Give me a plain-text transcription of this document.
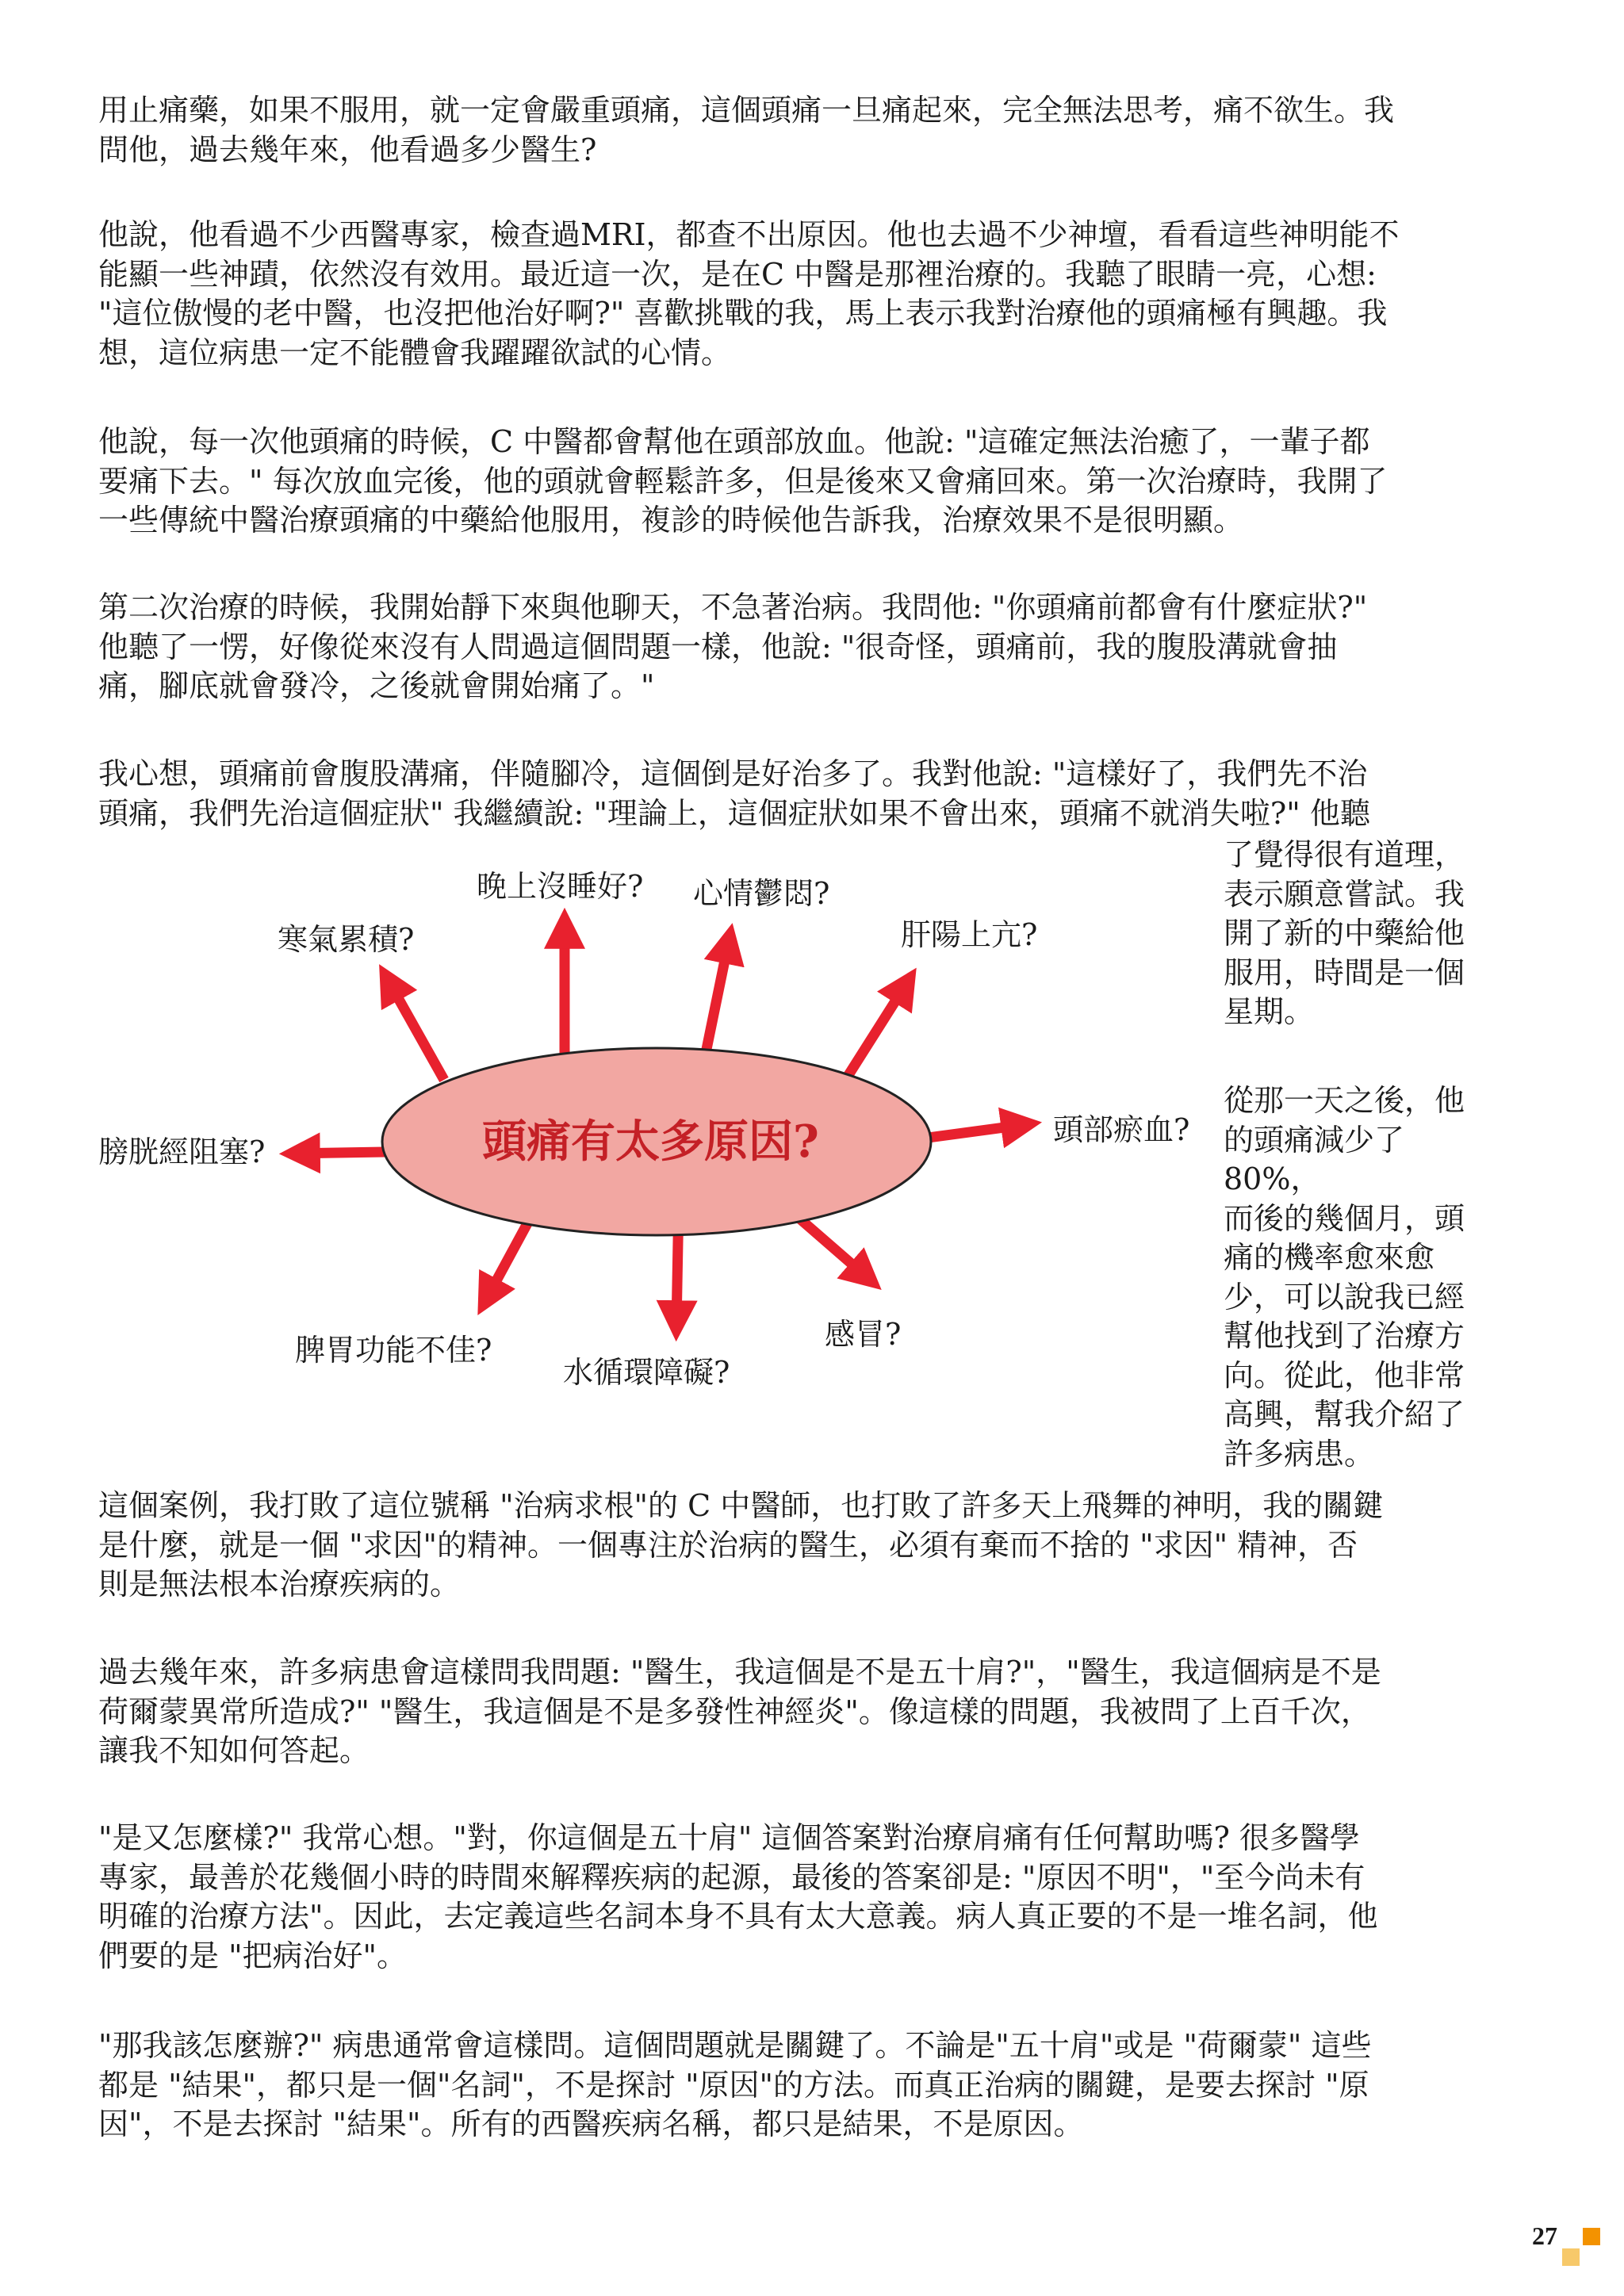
用止痛藥，如果不服用，就一定會嚴重頭痛，這個頭痛一旦痛起來，完全無法思考，痛不欲生。我
問他，過去幾年來，他看過多少醫生?

他說，他看過不少西醫專家，檢查過MRI，都查不出原因。他也去過不少神壇，看看這些神明能不
能顯一些神蹟，依然沒有效用。最近這一次，是在C 中醫是那裡治療的。我聽了眼睛一亮，心想:
"這位傲慢的老中醫，也沒把他治好啊?" 喜歡挑戰的我，馬上表示我對治療他的頭痛極有興趣。我
想，這位病患一定不能體會我躍躍欲試的心情。

他說，每一次他頭痛的時候，C 中醫都會幫他在頭部放血。他說: "這確定無法治癒了，一輩子都
要痛下去。" 每次放血完後，他的頭就會輕鬆許多，但是後來又會痛回來。第一次治療時，我開了
一些傳統中醫治療頭痛的中藥給他服用，複診的時候他告訴我，治療效果不是很明顯。

第二次治療的時候，我開始靜下來與他聊天，不急著治病。我問他: "你頭痛前都會有什麼症狀?"
他聽了一愣，好像從來沒有人問過這個問題一樣，他說: "很奇怪，頭痛前，我的腹股溝就會抽
痛，腳底就會發冷，之後就會開始痛了。"

我心想，頭痛前會腹股溝痛，伴隨腳冷，這個倒是好治多了。我對他說: "這樣好了，我們先不治
頭痛，我們先治這個症狀" 我繼續說: "理論上，這個症狀如果不會出來，頭痛不就消失啦?" 他聽

了覺得很有道理，
表示願意嘗試。我
開了新的中藥給他
服用，時間是一個
星期。

從那一天之後，他
的頭痛減少了80%，
而後的幾個月，頭
痛的機率愈來愈
少，可以說我已經
幫他找到了治療方
向。從此，他非常
高興，幫我介紹了
許多病患。

頭痛有太多原因?
晚上沒睡好? 心情鬱悶?
寒氣累積?	肝陽上亢?
膀胱經阻塞?
頭部瘀血?
脾胃功能不佳?
水循環障礙?
感冒?

這個案例，我打敗了這位號稱 "治病求根"的 C 中醫師，也打敗了許多天上飛舞的神明，我的關鍵
是什麼，就是一個 "求因"的精神。一個專注於治病的醫生，必須有棄而不捨的 "求因" 精神，否
則是無法根本治療疾病的。

過去幾年來，許多病患會這樣問我問題: "醫生，我這個是不是五十肩?"，"醫生，我這個病是不是
荷爾蒙異常所造成?" "醫生，我這個是不是多發性神經炎"。像這樣的問題，我被問了上百千次，
讓我不知如何答起。

"是又怎麼樣?" 我常心想。"對，你這個是五十肩" 這個答案對治療肩痛有任何幫助嗎? 很多醫學
專家，最善於花幾個小時的時間來解釋疾病的起源，最後的答案卻是: "原因不明"，"至今尚未有
明確的治療方法"。因此，去定義這些名詞本身不具有太大意義。病人真正要的不是一堆名詞，他
們要的是 "把病治好"。

"那我該怎麼辦?" 病患通常會這樣問。這個問題就是關鍵了。不論是"五十肩"或是 "荷爾蒙" 這些
都是 "結果"，都只是一個"名詞"，不是探討 "原因"的方法。而真正治病的關鍵，是要去探討 "原
因"，不是去探討 "結果"。所有的西醫疾病名稱，都只是結果，不是原因。

27
